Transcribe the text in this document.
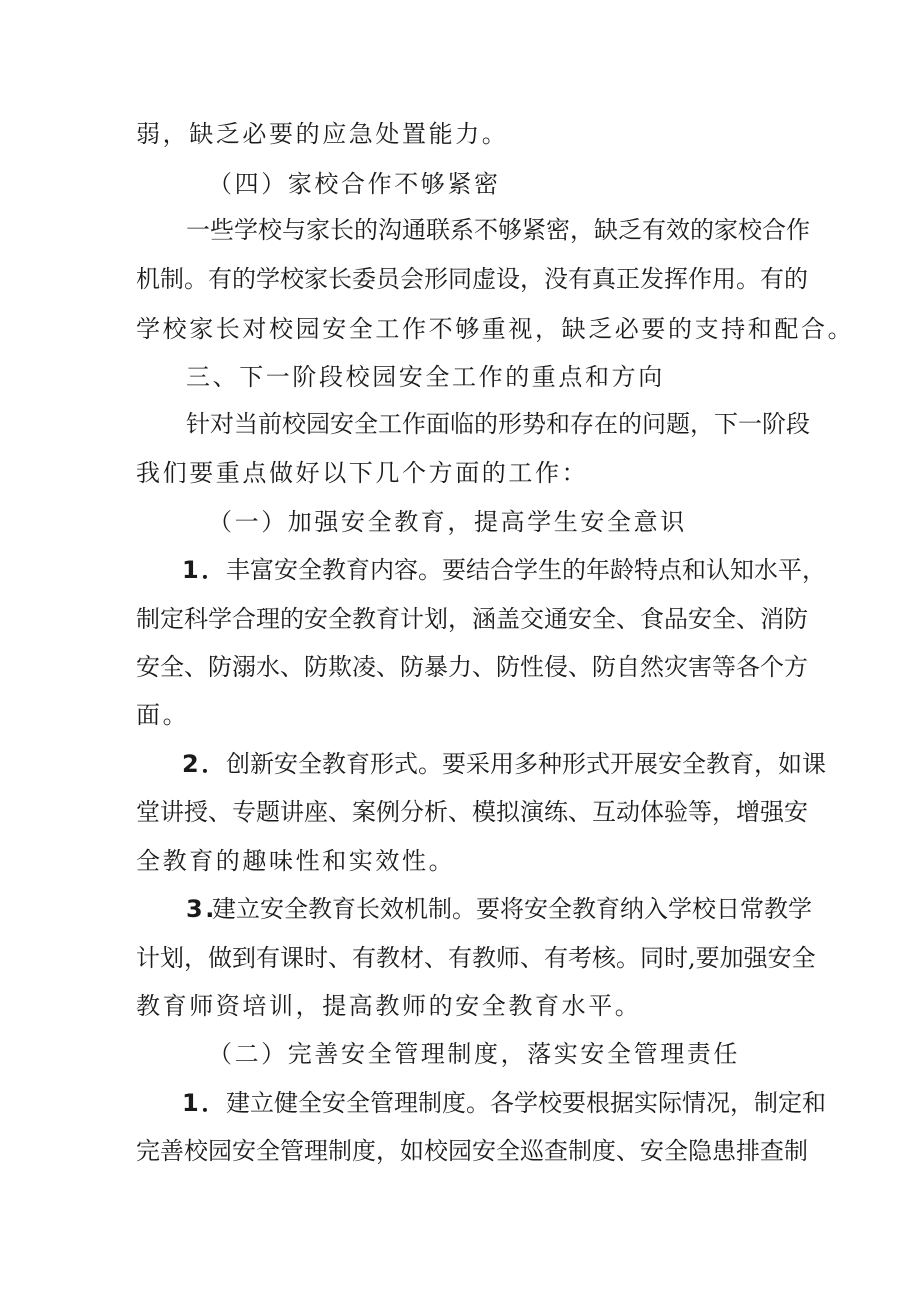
弱，缺乏必要的应急处置能力。
（四）家校合作不够紧密
一些学校与家长的沟通联系不够紧密，缺乏有效的家校合作
机制。有的学校家长委员会形同虚设，没有真正发挥作用。有的
学校家长对校园安全工作不够重视，缺乏必要的支持和配合。
三、下一阶段校园安全工作的重点和方向
针对当前校园安全工作面临的形势和存在的问题，下一阶段
我们要重点做好以下几个方面的工作：
（一）加强安全教育，提高学生安全意识
1．
丰富安全教育内容。要结合学生的年龄特点和认知水平，
制定科学合理的安全教育计划，涵盖交通安全、食品安全、消防
安全、防溺水、防欺凌、防暴力、防性侵、防自然灾害等各个方
面。
2．
创新安全教育形式。要采用多种形式开展安全教育，如课
堂讲授、专题讲座、案例分析、模拟演练、互动体验等，增强安
全教育的趣味性和实效性。
3.
建立安全教育长效机制。要将安全教育纳入学校日常教学
计划，做到有课时、有教材、有教师、有考核。同时,要加强安全
教育师资培训，提高教师的安全教育水平。
（二）完善安全管理制度，落实安全管理责任
1．
建立健全安全管理制度。各学校要根据实际情况，制定和
完善校园安全管理制度，如校园安全巡查制度、安全隐患排查制
